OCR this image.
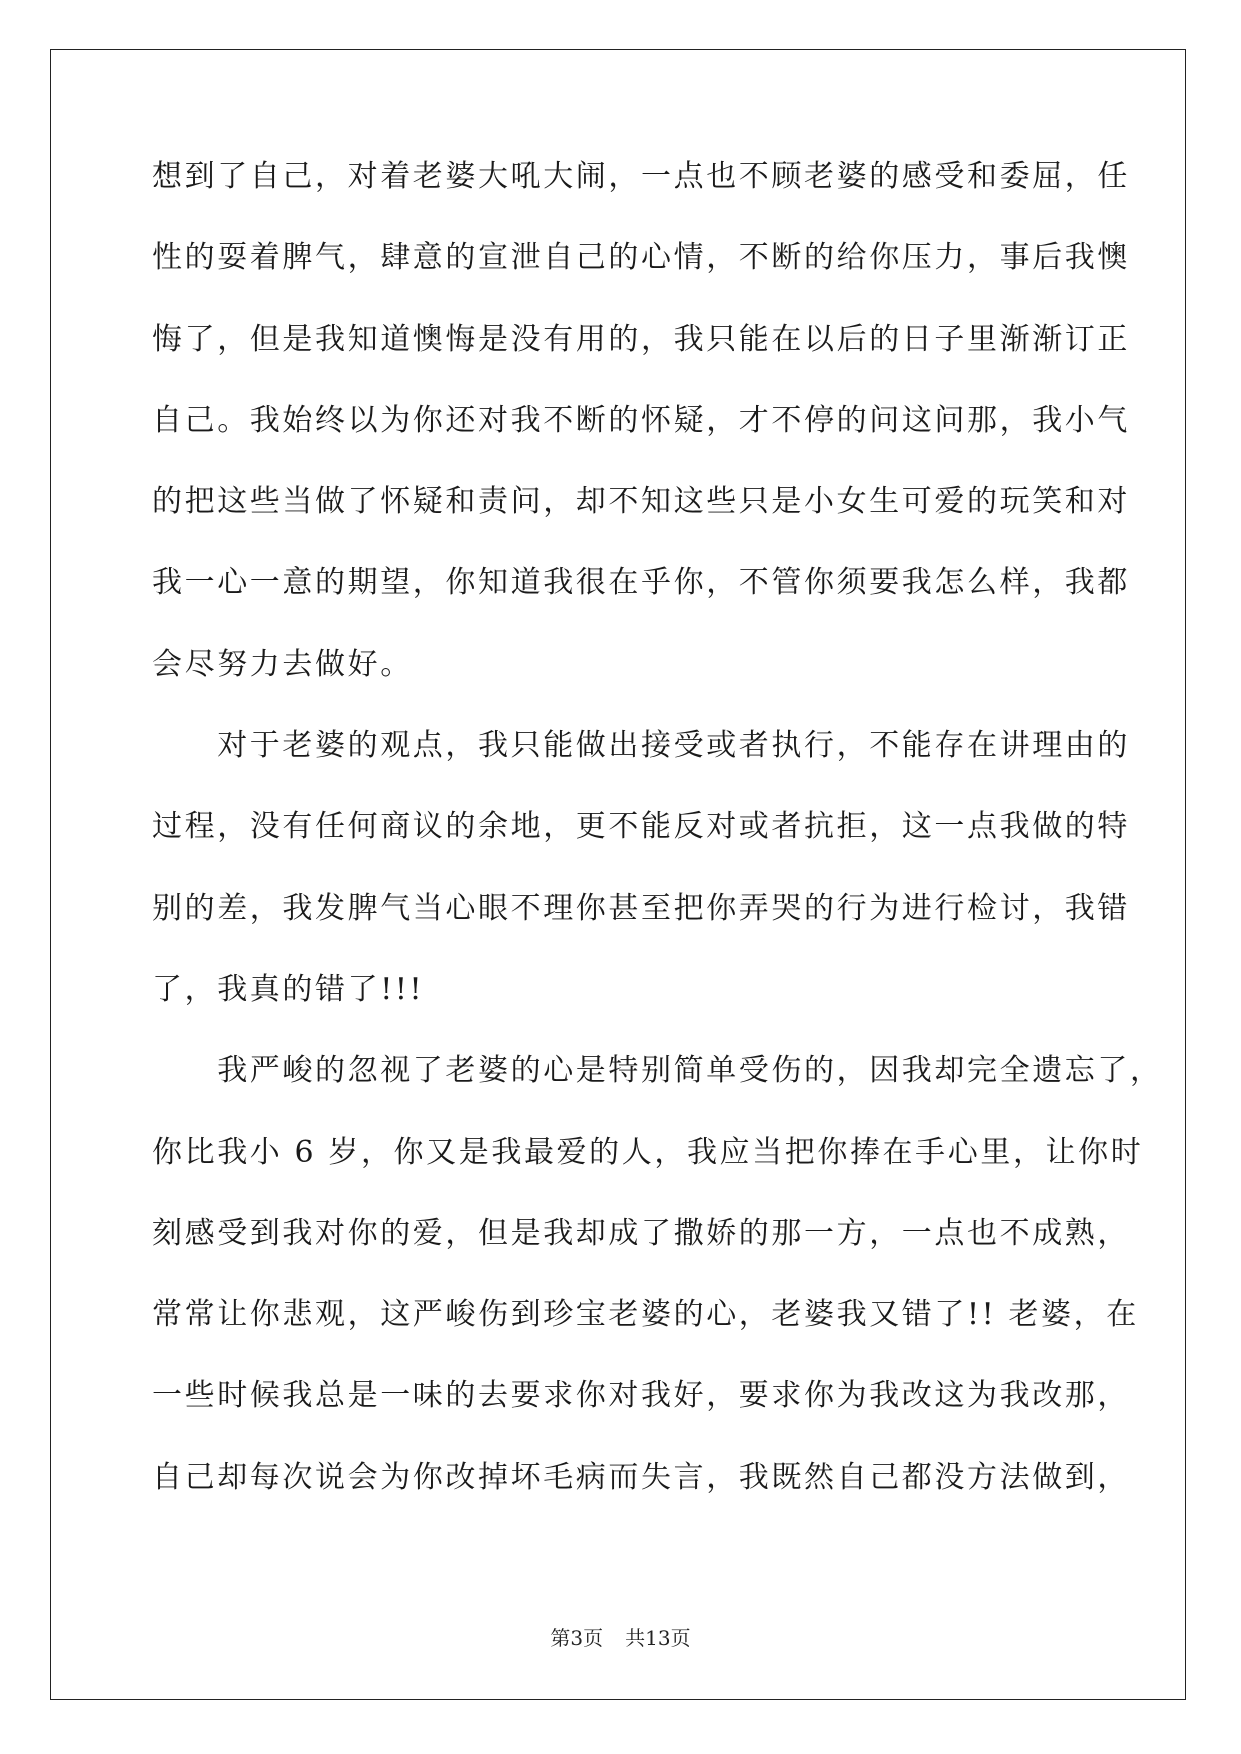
想到了自己，对着老婆大吼大闹，一点也不顾老婆的感受和委屈，任
性的耍着脾气，肆意的宣泄自己的心情，不断的给你压力，事后我懊
悔了，但是我知道懊悔是没有用的，我只能在以后的日子里渐渐订正
自己。我始终以为你还对我不断的怀疑，才不停的问这问那，我小气
的把这些当做了怀疑和责问，却不知这些只是小女生可爱的玩笑和对
我一心一意的期望，你知道我很在乎你，不管你须要我怎么样，我都
会尽努力去做好。
　　对于老婆的观点，我只能做出接受或者执行，不能存在讲理由的
过程，没有任何商议的余地，更不能反对或者抗拒，这一点我做的特
别的差，我发脾气当心眼不理你甚至把你弄哭的行为进行检讨，我错
了，我真的错了!!!
　　我严峻的忽视了老婆的心是特别简单受伤的，因我却完全遗忘了，
你比我小 6 岁，你又是我最爱的人，我应当把你捧在手心里，让你时
刻感受到我对你的爱，但是我却成了撒娇的那一方，一点也不成熟，
常常让你悲观，这严峻伤到珍宝老婆的心，老婆我又错了!! 老婆，在
一些时候我总是一味的去要求你对我好，要求你为我改这为我改那，
自己却每次说会为你改掉坏毛病而失言，我既然自己都没方法做到，
第3页 共13页
